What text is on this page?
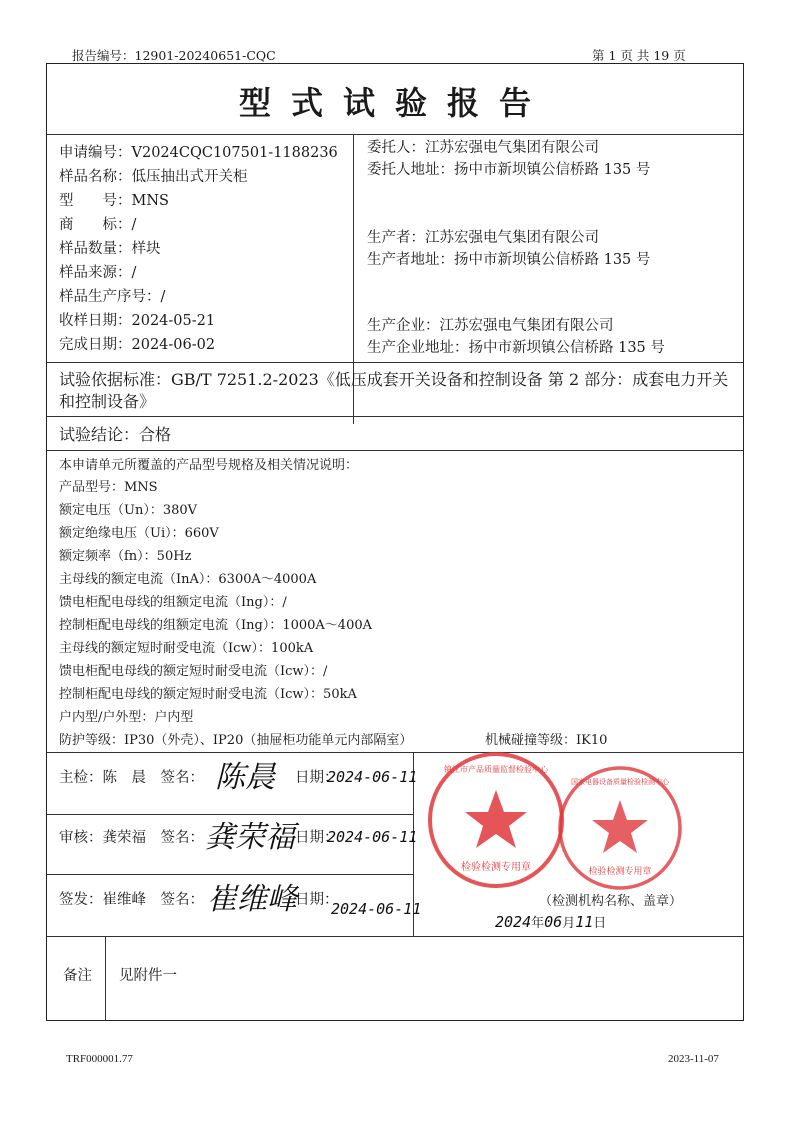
报告编号：12901-20240651-CQC	第 1 页 共 19 页
型式试验报告
申请编号：V2024CQC107501-1188236
样品名称：低压抽出式开关柜
型　　号：MNS
商　　标：/
样品数量：样块
样品来源：/
样品生产序号：/
收样日期：2024-05-21
完成日期：2024-06-02
委托人：江苏宏强电气集团有限公司
委托人地址：扬中市新坝镇公信桥路 135 号
生产者：江苏宏强电气集团有限公司
生产者地址：扬中市新坝镇公信桥路 135 号
生产企业：江苏宏强电气集团有限公司
生产企业地址：扬中市新坝镇公信桥路 135 号
试验依据标准：GB/T 7251.2-2023《低压成套开关设备和控制设备 第 2 部分：成套电力开关和控制设备》
试验结论：合格
本申请单元所覆盖的产品型号规格及相关情况说明：
产品型号：MNS
额定电压（Un）：380V
额定绝缘电压（Ui）：660V
额定频率（fn）：50Hz
主母线的额定电流（InA）：6300A～4000A
馈电柜配电母线的组额定电流（Ing）：/
控制柜配电母线的组额定电流（Ing）：1000A～400A
主母线的额定短时耐受电流（Icw）：100kA
馈电柜配电母线的额定短时耐受电流（Icw）：/
控制柜配电母线的额定短时耐受电流（Icw）：50kA
户内型/户外型：户内型
防护等级：IP30（外壳）、IP20（抽屉柜功能单元内部隔室）	机械碰撞等级：IK10
主检：陈　晨　签名： 陈晨 日期：
2024-06-11
审核：龚荣福　签名： 龚荣福 日期：
2024-06-11
签发：崔维峰　签名： 崔维峰
日期：
2024-06-11	（检测机构名称、盖章）
2024年06月11日
备注 见附件一
检验检测专用章
镇江市产品质量监督检验中心
检验检测专用章
国家电器设备质量检验检测中心
TRF000001.77	2023-11-07
